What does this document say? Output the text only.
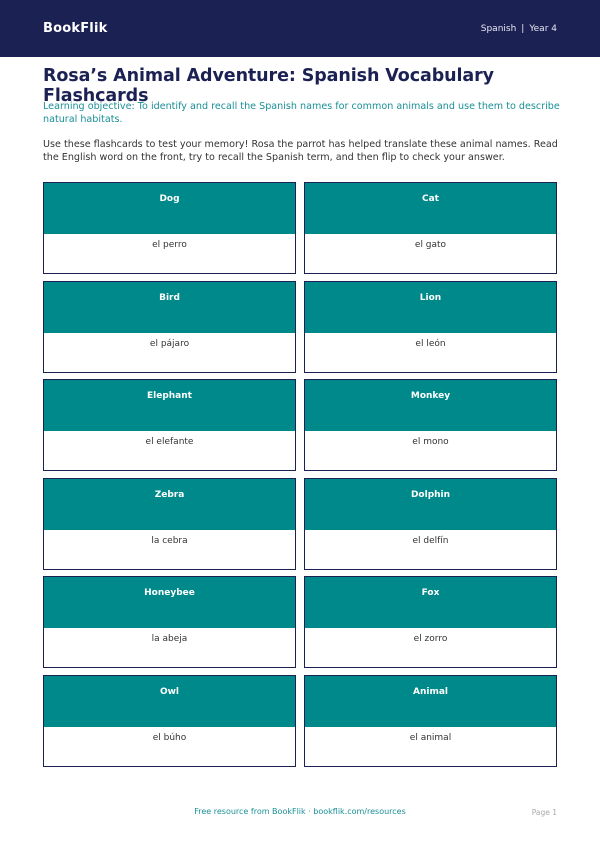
BookFlik	Spanish | Year 4
Rosa’s Animal Adventure: Spanish Vocabulary Flashcards

Learning objective: To identify and recall the Spanish names for common animals and use them to describe natural habitats.

Use these flashcards to test your memory! Rosa the parrot has helped translate these animal names. Read the English word on the front, try to recall the Spanish term, and then flip to check your answer.

Dog
el perro
Cat
el gato
Bird
el pájaro
Lion
el león
Elephant
el elefante
Monkey
el mono
Zebra
la cebra
Dolphin
el delfín
Honeybee
la abeja
Fox
el zorro
Owl
el búho
Animal
el animal
Free resource from BookFlik · bookflik.com/resources	Page 1
